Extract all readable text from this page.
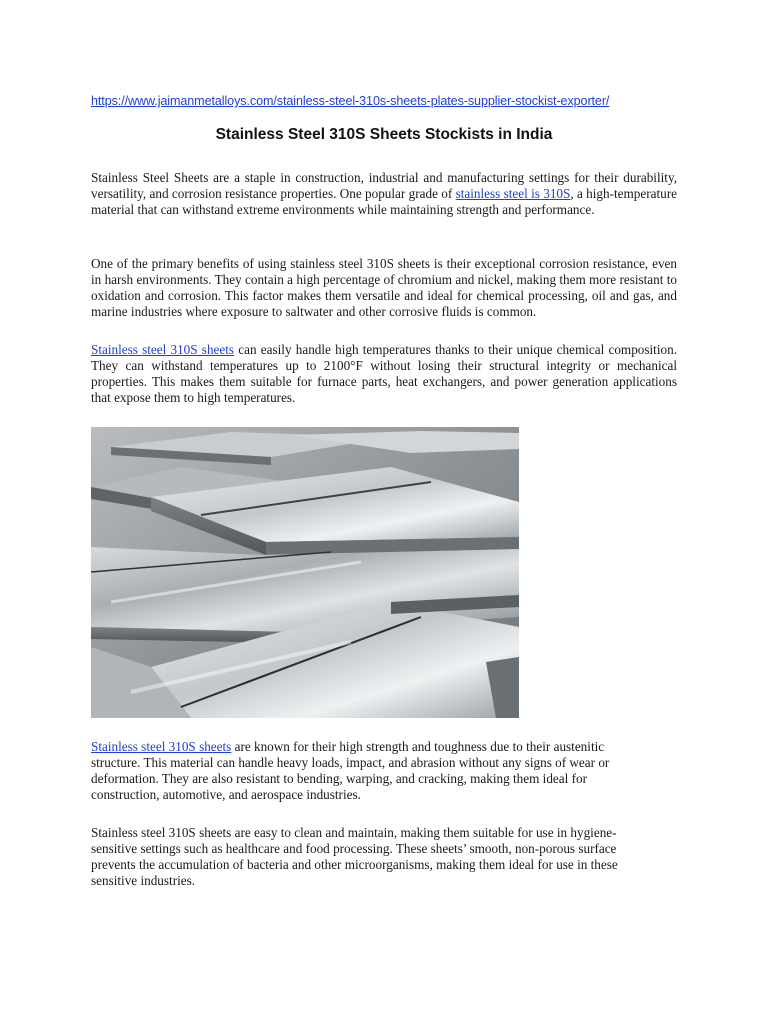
https://www.jaimanmetalloys.com/stainless-steel-310s-sheets-plates-supplier-stockist-exporter/
Stainless Steel 310S Sheets Stockists in India

Stainless Steel Sheets are a staple in construction, industrial and manufacturing settings for their durability, versatility, and corrosion resistance properties. One popular grade of stainless steel is 310S, a high-temperature material that can withstand extreme environments while maintaining strength and performance.

One of the primary benefits of using stainless steel 310S sheets is their exceptional corrosion resistance, even in harsh environments. They contain a high percentage of chromium and nickel, making them more resistant to oxidation and corrosion. This factor makes them versatile and ideal for chemical processing, oil and gas, and marine industries where exposure to saltwater and other corrosive fluids is common.

Stainless steel 310S sheets can easily handle high temperatures thanks to their unique chemical composition. They can withstand temperatures up to 2100°F without losing their structural integrity or mechanical properties. This makes them suitable for furnace parts, heat exchangers, and power generation applications that expose them to high temperatures.

Stainless steel 310S sheets are known for their high strength and toughness due to their austenitic structure. This material can handle heavy loads, impact, and abrasion without any signs of wear or deformation. They are also resistant to bending, warping, and cracking, making them ideal for construction, automotive, and aerospace industries.

Stainless steel 310S sheets are easy to clean and maintain, making them suitable for use in hygiene-sensitive settings such as healthcare and food processing. These sheets’ smooth, non-porous surface prevents the accumulation of bacteria and other microorganisms, making them ideal for use in these sensitive industries.
